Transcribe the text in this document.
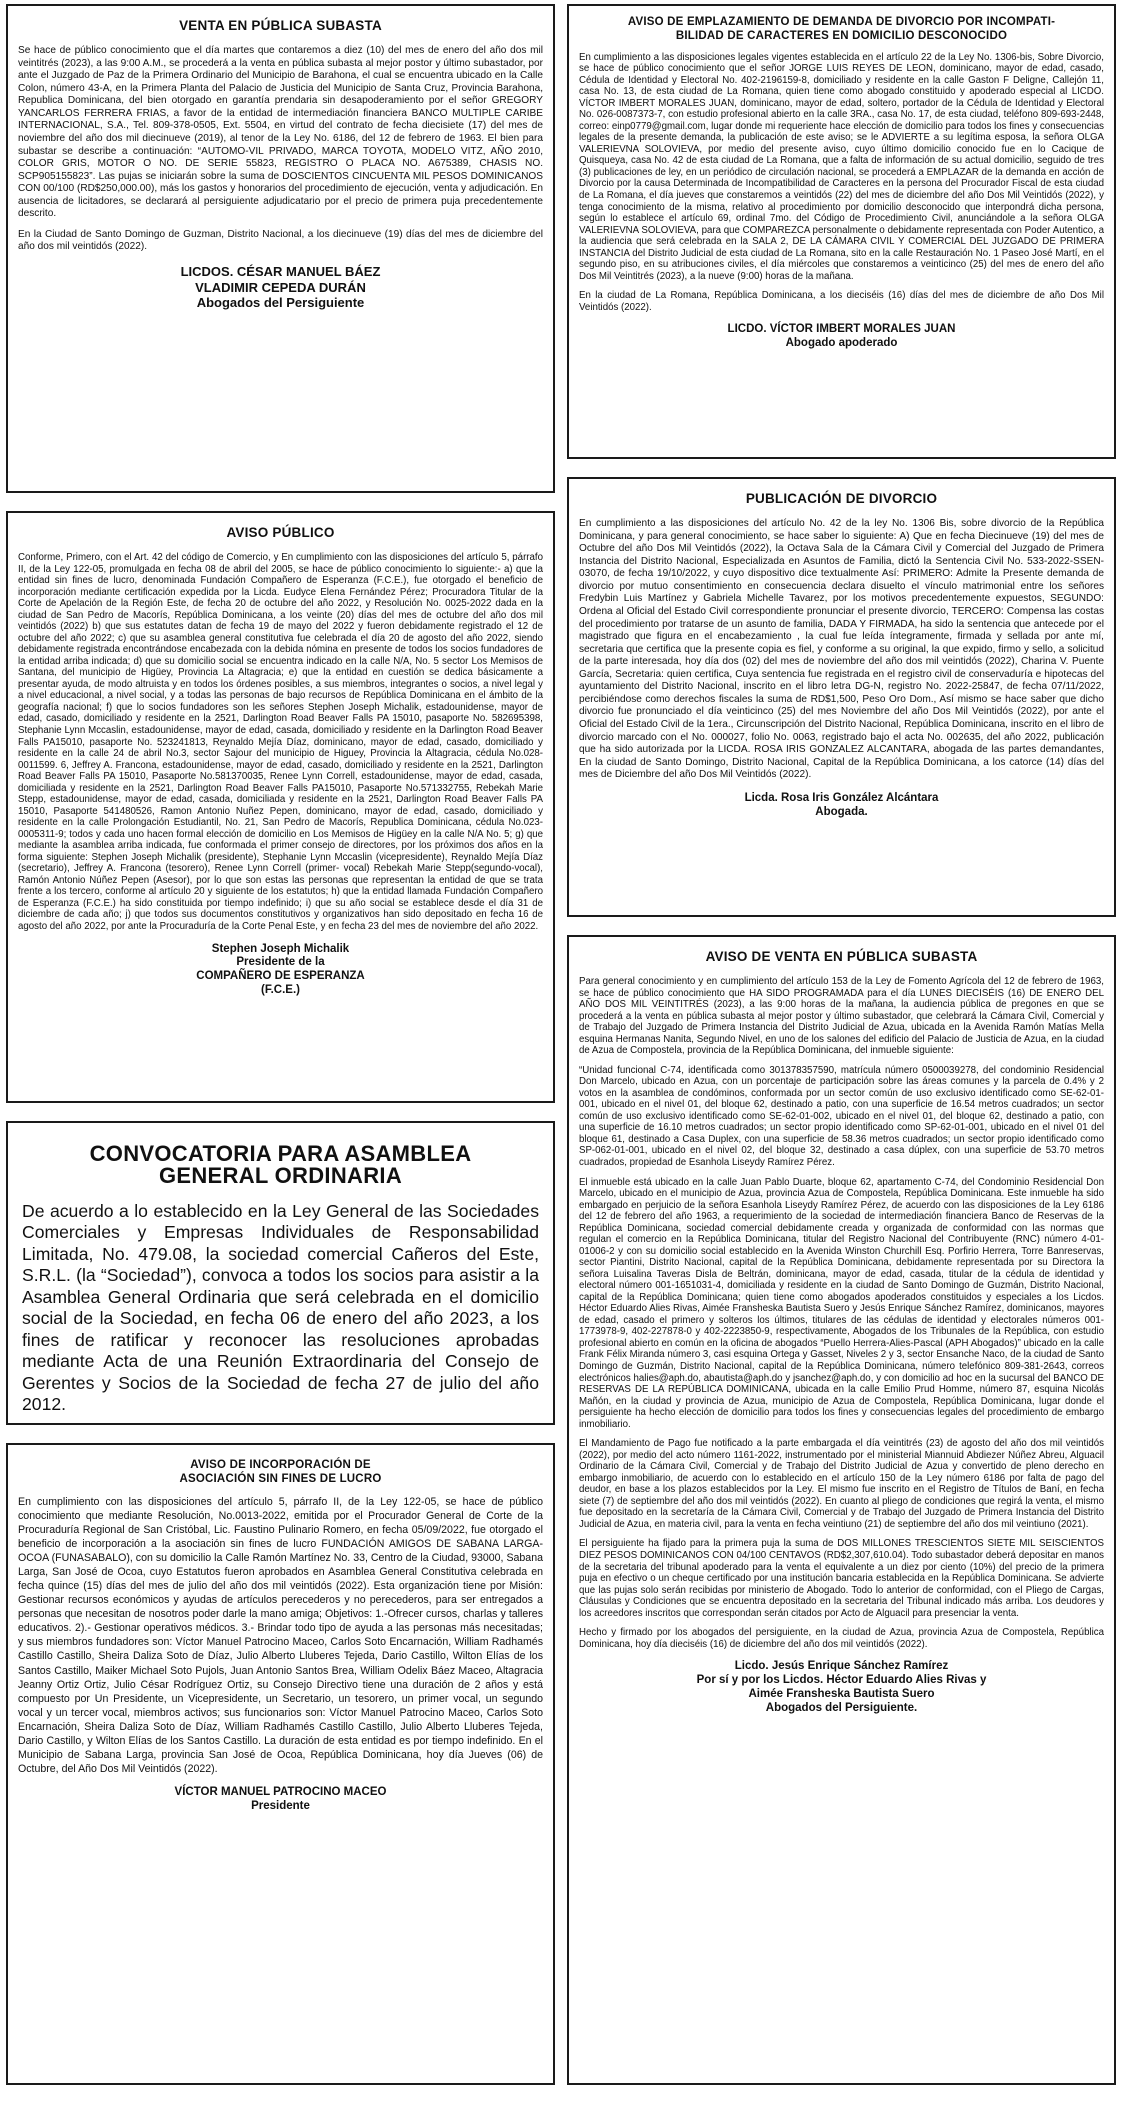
VENTA EN PÚBLICA SUBASTA

Se hace de público conocimiento que el día martes que contaremos a diez (10) del mes de enero del año dos mil veintitrés (2023), a las 9:00 A.M., se procederá a la venta en pública subasta al mejor postor y último subastador, por ante el Juzgado de Paz de la Primera Ordinario del Municipio de Barahona, el cual se encuentra ubicado en la Calle Colon, número 43-A, en la Primera Planta del Palacio de Justicia del Municipio de Santa Cruz, Provincia Barahona, Republica Dominicana, del bien otorgado en garantía prendaria sin desapoderamiento por el señor GREGORY YANCARLOS FERRERA FRIAS, a favor de la entidad de intermediación financiera BANCO MULTIPLE CARIBE INTERNACIONAL, S.A., Tel. 809-378-0505, Ext. 5504, en virtud del contrato de fecha diecisiete (17) del mes de noviembre del año dos mil diecinueve (2019), al tenor de la Ley No. 6186, del 12 de febrero de 1963. El bien para subastar se describe a continuación: “AUTOMO-VIL PRIVADO, MARCA TOYOTA, MODELO VITZ, AÑO 2010, COLOR GRIS, MOTOR O NO. DE SERIE 55823, REGISTRO O PLACA NO. A675389, CHASIS NO. SCP905155823”. Las pujas se iniciarán sobre la suma de DOSCIENTOS CINCUENTA MIL PESOS DOMINICANOS CON 00/100 (RD$250,000.00), más los gastos y honorarios del procedimiento de ejecución, venta y adjudicación. En ausencia de licitadores, se declarará al persiguiente adjudicatario por el precio de primera puja precedentemente descrito.

En la Ciudad de Santo Domingo de Guzman, Distrito Nacional, a los diecinueve (19) días del mes de diciembre del año dos mil veintidós (2022).

LICDOS. CÉSAR MANUEL BÁEZ
VLADIMIR CEPEDA DURÁN
Abogados del Persiguiente
AVISO PÚBLICO

Conforme, Primero, con el Art. 42 del código de Comercio, y En cumplimiento con las disposiciones del artículo 5, párrafo II, de la Ley 122-05, promulgada en fecha 08 de abril del 2005, se hace de público conocimiento lo siguiente:- a) que la entidad sin fines de lucro, denominada Fundación Compañero de Esperanza (F.C.E.), fue otorgado el beneficio de incorporación mediante certificación expedida por la Licda. Eudyce Elena Fernández Pérez; Procuradora Titular de la Corte de Apelación de la Región Este, de fecha 20 de octubre del año 2022, y Resolución No. 0025-2022 dada en la ciudad de San Pedro de Macorís, República Dominicana, a los veinte (20) días del mes de octubre del año dos mil veintidós (2022) b) que sus estatutes datan de fecha 19 de mayo del 2022 y fueron debidamente registrado el 12 de octubre del año 2022; c) que su asamblea general constitutiva fue celebrada el día 20 de agosto del año 2022, siendo debidamente registrada encontrándose encabezada con la debida nómina en presente de todos los socios fundadores de la entidad arriba indicada; d) que su domicilio social se encuentra indicado en la calle N/A, No. 5 sector Los Memisos de Santana, del municipio de Higüey, Provincia La Altagracia; e) que la entidad en cuestión se dedica básicamente a presentar ayuda, de modo altruista y en todos los órdenes posibles, a sus miembros, integrantes o socios, a nivel legal y a nivel educacional, a nivel social, y a todas las personas de bajo recursos de República Dominicana en el ámbito de la geografía nacional; f) que lo socios fundadores son les señores Stephen Joseph Michalik, estadounidense, mayor de edad, casado, domiciliado y residente en la 2521, Darlington Road Beaver Falls PA 15010, pasaporte No. 582695398, Stephanie Lynn Mccaslin, estadounidense, mayor de edad, casada, domiciliado y residente en la Darlington Road Beaver Falls PA15010, pasaporte No. 523241813, Reynaldo Mejía Díaz, dominicano, mayor de edad, casado, domiciliado y residente en la calle 24 de abril No.3, sector Sajour del municipio de Higuey, Provincia la Altagracia, cédula No.028-0011599. 6, Jeffrey A. Franconа, estadounidense, mayor de edad, casado, domiciliado y residente en la 2521, Darlington Road Beaver Falls PA 15010, Pasaporte No.581370035, Renee Lynn Correll, estadounidense, mayor de edad, casada, domiciliada y residente en la 2521, Darlington Road Beaver Falls PA15010, Pasaporte No.571332755, Rebekah Marie Stepp, estadounidense, mayor de edad, casada, domiciliada y residente en la 2521, Darlington Road Beaver Falls PA 15010, Pasaporte 541480526, Ramon Antonio Nuñez Pepen, dominicano, mayor de edad, casado, domiciliado y residente en la calle Prolongación Estudiantil, No. 21, San Pedro de Macorís, Republica Dominicana, cédula No.023-0005311-9; todos y cada uno hacen formal elección de domicilio en Los Memisos de Higüey en la calle N/A No. 5; g) que mediante la asamblea arriba indicada, fue conformada el primer consejo de directores, por los próximos dos años en la forma siguiente: Stephen Joseph Michalik (presidente), Stephanie Lynn Mccaslin (vicepresidente), Reynaldo Mejía Díaz (secretario), Jeffrey A. Franconа (tesorero), Renee Lynn Correll (primer- vocal) Rebekah Marie Stepp(segundo-vocal), Ramón Antonio Núñez Pepen (Asesor), por lo que son estas las personas que representan la entidad de que se trata frente a los tercero, conforme al artículo 20 y siguiente de los estatutos; h) que la entidad llamada Fundación Compañero de Esperanza (F.C.E.) ha sido constituida por tiempo indefinido; i) que su año social se establece desde el día 31 de diciembre de cada año; j) que todos sus documentos constitutivos y organizativos han sido depositado en fecha 16 de agosto del año 2022, por ante la Procuraduría de la Corte Penal Este, y en fecha 23 del mes de noviembre del año 2022.

Stephen Joseph Michalik
Presidente de la
COMPAÑERO DE ESPERANZA
(F.C.E.)
CONVOCATORIA PARA ASAMBLEA
GENERAL ORDINARIA

De acuerdo a lo establecido en la Ley General de las Sociedades Comerciales y Empresas Individuales de Responsabilidad Limitada, No. 479.08, la sociedad comercial Cañeros del Este, S.R.L. (la “Sociedad”), convoca a todos los socios para asistir a la Asamblea General Ordinaria que será celebrada en el domicilio social de la Sociedad, en fecha 06 de enero del año 2023, a los fines de ratificar y reconocer las resoluciones aprobadas mediante Acta de una Reunión Extraordinaria del Consejo de Gerentes y Socios de la Sociedad de fecha 27 de julio del año 2012.

AVISO DE INCORPORACIÓN DE
ASOCIACIÓN SIN FINES DE LUCRO

En cumplimiento con las disposiciones del artículo 5, párrafo II, de la Ley 122-05, se hace de público conocimiento que mediante Resolución, No.0013-2022, emitida por el Procurador General de Corte de la Procuraduría Regional de San Cristóbal, Lic. Faustino Pulinario Romero, en fecha 05/09/2022, fue otorgado el beneficio de incorporación a la asociación sin fines de lucro FUNDACIÓN AMIGOS DE SABANA LARGA-OCOA (FUNASABALO), con su domicilio la Calle Ramón Martínez No. 33, Centro de la Ciudad, 93000, Sabana Larga, San José de Ocoa, cuyo Estatutos fueron aprobados en Asamblea General Constitutiva celebrada en fecha quince (15) días del mes de julio del año dos mil veintidós (2022). Esta organización tiene por Misión: Gestionar recursos económicos y ayudas de artículos perecederos y no perecederos, para ser entregados a personas que necesitan de nosotros poder darle la mano amiga; Objetivos: 1.-Ofrecer cursos, charlas y talleres educativos. 2).- Gestionar operativos médicos. 3.- Brindar todo tipo de ayuda a las personas más necesitadas; y sus miembros fundadores son: Víctor Manuel Patrocino Maceo, Carlos Soto Encarnación, William Radhamés Castillo Castillo, Sheira Daliza Soto de Díaz, Julio Alberto Lluberes Tejeda, Dario Castillo, Wilton Elías de los Santos Castillo, Maiker Michael Soto Pujols, Juan Antonio Santos Brea, William Odelix Báez Maceo, Altagracia Jeanny Ortiz Ortiz, Julio César Rodríguez Ortiz, su Consejo Directivo tiene una duración de 2 años y está compuesto por Un Presidente, un Vicepresidente, un Secretario, un tesorero, un primer vocal, un segundo vocal y un tercer vocal, miembros activos; sus funcionarios son: Víctor Manuel Patrocino Maceo, Carlos Soto Encarnación, Sheira Daliza Soto de Díaz, William Radhamés Castillo Castillo, Julio Alberto Lluberes Tejeda, Dario Castillo, y Wilton Elías de los Santos Castillo. La duración de esta entidad es por tiempo indefinido. En el Municipio de Sabana Larga, provincia San José de Ocoa, República Dominicana, hoy día Jueves (06) de Octubre, del Año Dos Mil Veintidós (2022).

VÍCTOR MANUEL PATROCINO MACEO
Presidente
AVISO DE EMPLAZAMIENTO DE DEMANDA DE DIVORCIO POR INCOMPATI-
BILIDAD DE CARACTERES EN DOMICILIO DESCONOCIDO

En cumplimiento a las disposiciones legales vigentes establecida en el artículo 22 de la Ley No. 1306-bis, Sobre Divorcio, se hace de público conocimiento que el señor JORGE LUIS REYES DE LEON, dominicano, mayor de edad, casado, Cédula de Identidad y Electoral No. 402-2196159-8, domiciliado y residente en la calle Gaston F Deligne, Callejón 11, casa No. 13, de esta ciudad de La Romana, quien tiene como abogado constituido y apoderado especial al LICDO. VÍCTOR IMBERT MORALES JUAN, dominicano, mayor de edad, soltero, portador de la Cédula de Identidad y Electoral No. 026-0087373-7, con estudio profesional abierto en la calle 3RA., casa No. 17, de esta ciudad, teléfono 809-693-2448, correo: einp0779@gmail.com, lugar donde mi requeriente hace elección de domicilio para todos los fines y consecuencias legales de la presente demanda, la publicación de este aviso; se le ADVIERTE a su legítima esposa, la señora OLGA VALERIEVNA SOLOVIEVA, por medio del presente aviso, cuyo último domicilio conocido fue en lo Cacique de Quisqueya, casa No. 42 de esta ciudad de La Romana, que a falta de información de su actual domicilio, seguido de tres (3) publicaciones de ley, en un periódico de circulación nacional, se procederá a EMPLAZAR de la demanda en acción de Divorcio por la causa Determinada de Incompatibilidad de Caracteres en la persona del Procurador Fiscal de esta ciudad de La Romana, el día jueves que constaremos a veintidós (22) del mes de diciembre del año Dos Mil Veintidós (2022), y tenga conocimiento de la misma, relativo al procedimiento por domicilio desconocido que interpondrá dicha persona, según lo establece el artículo 69, ordinal 7mo. del Código de Procedimiento Civil, anunciándole a la señora OLGA VALERIEVNA SOLOVIEVA, para que COMPAREZCA personalmente o debidamente representada con Poder Autentico, a la audiencia que será celebrada en la SALA 2, DE LA CÁMARA CIVIL Y COMERCIAL DEL JUZGADO DE PRIMERA INSTANCIA del Distrito Judicial de esta ciudad de La Romana, sito en la calle Restauración No. 1 Paseo José Martí, en el segundo piso, en su atribuciones civiles, el día miércoles que constaremos a veinticinco (25) del mes de enero del año Dos Mil Veintitrés (2023), a la nueve (9:00) horas de la mañana.

En la ciudad de La Romana, República Dominicana, a los dieciséis (16) días del mes de diciembre de año Dos Mil Veintidós (2022).

LICDO. VÍCTOR IMBERT MORALES JUAN
Abogado apoderado
PUBLICACIÓN DE DIVORCIO

En cumplimiento a las disposiciones del artículo No. 42 de la ley No. 1306 Bis, sobre divorcio de la República Dominicana, y para general conocimiento, se hace saber lo siguiente: A) Que en fecha Diecinueve (19) del mes de Octubre del año Dos Mil Veintidós (2022), la Octava Sala de la Cámara Civil y Comercial del Juzgado de Primera Instancia del Distrito Nacional, Especializada en Asuntos de Familia, dictó la Sentencia Civil No. 533-2022-SSEN-03070, de fecha 19/10/2022, y cuyo dispositivo dice textualmente Así: PRIMERO: Admite la Presente demanda de divorcio por mutuo consentimiento en consecuencia declara disuelto el vínculo matrimonial entre los señores Fredybin Luis Martínez y Gabriela Michelle Tavarez, por los motivos precedentemente expuestos, SEGUNDO: Ordena al Oficial del Estado Civil correspondiente pronunciar el presente divorcio, TERCERO: Compensa las costas del procedimiento por tratarse de un asunto de familia, DADA Y FIRMADA, ha sido la sentencia que antecede por el magistrado que figura en el encabezamiento , la cual fue leída íntegramente, firmada y sellada por ante mí, secretaria que certifica que la presente copia es fiel, y conforme a su original, la que expido, firmo y sello, a solicitud de la parte interesada, hoy día dos (02) del mes de noviembre del año dos mil veintidós (2022), Charina V. Puente García, Secretaria: quien certifica, Cuya sentencia fue registrada en el registro civil de conservaduría e hipotecas del ayuntamiento del Distrito Nacional, inscrito en el libro letra DG-N, registro No. 2022-25847, de fecha 07/11/2022, percibiéndose como derechos fiscales la suma de RD$1,500, Peso Oro Dom., Así mismo se hace saber que dicho divorcio fue pronunciado el día veinticinco (25) del mes Noviembre del año Dos Mil Veintidós (2022), por ante el Oficial del Estado Civil de la 1era., Circunscripción del Distrito Nacional, República Dominicana, inscrito en el libro de divorcio marcado con el No. 000027, folio No. 0063, registrado bajo el acta No. 002635, del año 2022, publicación que ha sido autorizada por la LICDA. ROSA IRIS GONZALEZ ALCANTARA, abogada de las partes demandantes, En la ciudad de Santo Domingo, Distrito Nacional, Capital de la República Dominicana, a los catorce (14) días del mes de Diciembre del año Dos Mil Veintidós (2022).

Licda. Rosa Iris González Alcántara
Abogada.
AVISO DE VENTA EN PÚBLICA SUBASTA

Para general conocimiento y en cumplimiento del artículo 153 de la Ley de Fomento Agrícola del 12 de febrero de 1963, se hace de público conocimiento que HA SIDO PROGRAMADA para el día LUNES DIECISÉIS (16) DE ENERO DEL AÑO DOS MIL VEINTITRÉS (2023), a las 9:00 horas de la mañana, la audiencia pública de pregones en que se procederá a la venta en pública subasta al mejor postor y último subastador, que celebrará la Cámara Civil, Comercial y de Trabajo del Juzgado de Primera Instancia del Distrito Judicial de Azua, ubicada en la Avenida Ramón Matías Mella esquina Hermanas Nanita, Segundo Nivel, en uno de los salones del edificio del Palacio de Justicia de Azua, en la ciudad de Azua de Compostela, provincia de la República Dominicana, del inmueble siguiente:

“Unidad funcional C-74, identificada como 301378357590, matrícula número 0500039278, del condominio Residencial Don Marcelo, ubicado en Azua, con un porcentaje de participación sobre las áreas comunes y la parcela de 0.4% y 2 votos en la asamblea de condóminos, conformada por un sector común de uso exclusivo identificado como SE-62-01-001, ubicado en el nivel 01, del bloque 62, destinado a patio, con una superficie de 16.54 metros cuadrados; un sector común de uso exclusivo identificado como SE-62-01-002, ubicado en el nivel 01, del bloque 62, destinado a patio, con una superficie de 16.10 metros cuadrados; un sector propio identificado como SP-62-01-001, ubicado en el nivel 01 del bloque 61, destinado a Casa Duplex, con una superficie de 58.36 metros cuadrados; un sector propio identificado como SP-062-01-001, ubicado en el nivel 02, del bloque 32, destinado a casa dúplex, con una superficie de 53.70 metros cuadrados, propiedad de Esanhola Liseydy Ramírez Pérez.

El inmueble está ubicado en la calle Juan Pablo Duarte, bloque 62, apartamento C-74, del Condominio Residencial Don Marcelo, ubicado en el municipio de Azua, provincia Azua de Compostela, República Dominicana. Este inmueble ha sido embargado en perjuicio de la señora Esanhola Liseydy Ramírez Pérez, de acuerdo con las disposiciones de la Ley 6186 del 12 de febrero del año 1963, a requerimiento de la sociedad de intermediación financiera Banco de Reservas de la República Dominicana, sociedad comercial debidamente creada y organizada de conformidad con las normas que regulan el comercio en la República Dominicana, titular del Registro Nacional del Contribuyente (RNC) número 4-01-01006-2 y con su domicilio social establecido en la Avenida Winston Churchill Esq. Porfirio Herrera, Torre Banreservas, sector Piantini, Distrito Nacional, capital de la República Dominicana, debidamente representada por su Directora la señora Luisalina Taveras Disla de Beltrán, dominicana, mayor de edad, casada, titular de la cédula de identidad y electoral número 001-1651031-4, domiciliada y residente en la ciudad de Santo Domingo de Guzmán, Distrito Nacional, capital de la República Dominicana; quien tiene como abogados apoderados constituidos y especiales a los Licdos. Héctor Eduardo Alies Rivas, Aimée Fransheska Bautista Suero y Jesús Enrique Sánchez Ramírez, dominicanos, mayores de edad, casado el primero y solteros los últimos, titulares de las cédulas de identidad y electorales números 001-1773978-9, 402-227878-0 y 402-2223850-9, respectivamente, Abogados de los Tribunales de la República, con estudio profesional abierto en común en la oficina de abogados “Puello Herrera-Alies-Pascal (APH Abogados)” ubicado en la calle Frank Félix Miranda número 3, casi esquina Ortega y Gasset, Niveles 2 y 3, sector Ensanche Naco, de la ciudad de Santo Domingo de Guzmán, Distrito Nacional, capital de la República Dominicana, número telefónico 809-381-2643, correos electrónicos halies@aph.do, abautista@aph.do y jsanchez@aph.do, y con domicilio ad hoc en la sucursal del BANCO DE RESERVAS DE LA REPÚBLICA DOMINICANA, ubicada en la calle Emilio Prud Homme, número 87, esquina Nicolás Mañón, en la ciudad y provincia de Azua, municipio de Azua de Compostela, República Dominicana, lugar donde el persiguiente ha hecho elección de domicilio para todos los fines y consecuencias legales del procedimiento de embargo inmobiliario.

El Mandamiento de Pago fue notificado a la parte embargada el día veintitrés (23) de agosto del año dos mil veintidós (2022), por medio del acto número 1161-2022, instrumentado por el ministerial Miannuid Abdiezer Núñez Abreu, Alguacil Ordinario de la Cámara Civil, Comercial y de Trabajo del Distrito Judicial de Azua y convertido de pleno derecho en embargo inmobiliario, de acuerdo con lo establecido en el artículo 150 de la Ley número 6186 por falta de pago del deudor, en base a los plazos establecidos por la Ley. El mismo fue inscrito en el Registro de Títulos de Baní, en fecha siete (7) de septiembre del año dos mil veintidós (2022). En cuanto al pliego de condiciones que regirá la venta, el mismo fue depositado en la secretaría de la Cámara Civil, Comercial y de Trabajo del Juzgado de Primera Instancia del Distrito Judicial de Azua, en materia civil, para la venta en fecha veintiuno (21) de septiembre del año dos mil veintiuno (2021).

El persiguiente ha fijado para la primera puja la suma de DOS MILLONES TRESCIENTOS SIETE MIL SEISCIENTOS DIEZ PESOS DOMINICANOS CON 04/100 CENTAVOS (RD$2,307,610.04). Todo subastador deberá depositar en manos de la secretaria del tribunal apoderado para la venta el equivalente a un diez por ciento (10%) del precio de la primera puja en efectivo o un cheque certificado por una institución bancaria establecida en la República Dominicana. Se advierte que las pujas solo serán recibidas por ministerio de Abogado. Todo lo anterior de conformidad, con el Pliego de Cargas, Cláusulas y Condiciones que se encuentra depositado en la secretaria del Tribunal indicado más arriba. Los deudores y los acreedores inscritos que correspondan serán citados por Acto de Alguacil para presenciar la venta.

Hecho y firmado por los abogados del persiguiente, en la ciudad de Azua, provincia Azua de Compostela, República Dominicana, hoy día dieciséis (16) de diciembre del año dos mil veintidós (2022).

Licdo. Jesús Enrique Sánchez Ramírez
Por sí y por los Licdos. Héctor Eduardo Alies Rivas y
Aimée Fransheska Bautista Suero
Abogados del Persiguiente.
